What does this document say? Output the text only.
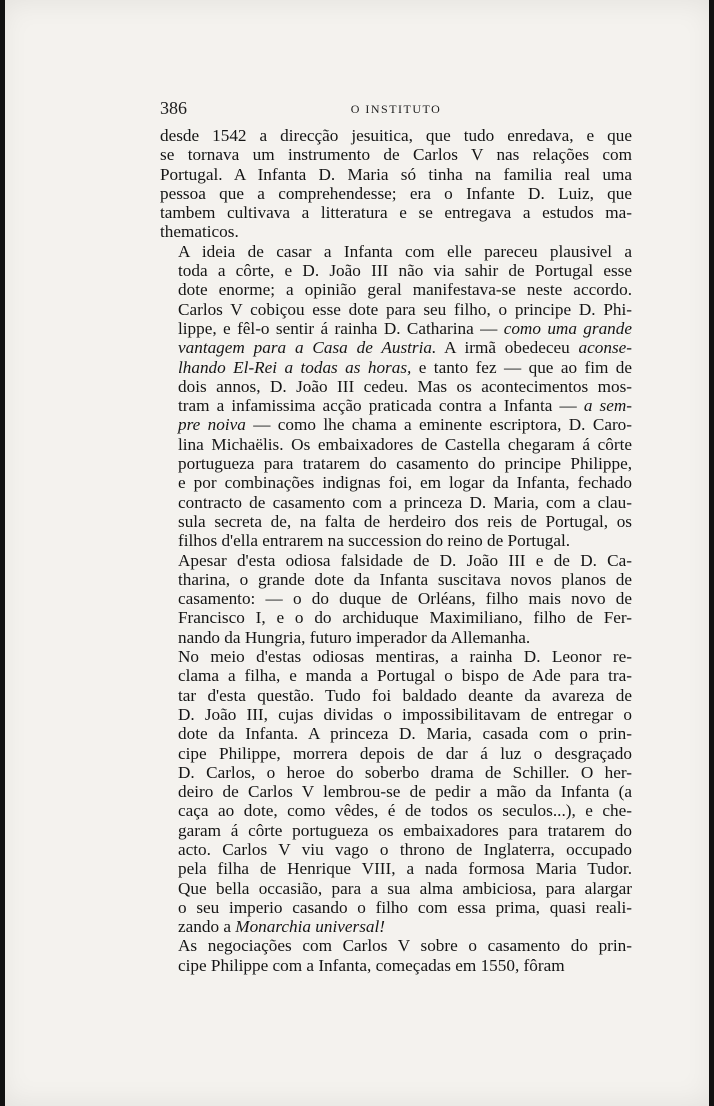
386	O INSTITUTO
desde 1542 a direcção jesuitica, que tudo enredava, e que
se tornava um instrumento de Carlos V nas relações com
Portugal. A Infanta D. Maria só tinha na familia real uma
pessoa que a comprehendesse; era o Infante D. Luiz, que
tambem cultivava a litteratura e se entregava a estudos ma-
thematicos.
A ideia de casar a Infanta com elle pareceu plausivel a
toda a côrte, e D. João III não via sahir de Portugal esse
dote enorme; a opinião geral manifestava-se neste accordo.
Carlos V cobiçou esse dote para seu filho, o principe D. Phi-
lippe, e fêl-o sentir á rainha D. Catharina — como uma grande
vantagem para a Casa de Austria. A irmã obedeceu aconse-
lhando El-Rei a todas as horas, e tanto fez — que ao fim de
dois annos, D. João III cedeu. Mas os acontecimentos mos-
tram a infamissima acção praticada contra a Infanta — a sem-
pre noiva — como lhe chama a eminente escriptora, D. Caro-
lina Michaëlis. Os embaixadores de Castella chegaram á côrte
portugueza para tratarem do casamento do principe Philippe,
e por combinações indignas foi, em logar da Infanta, fechado
contracto de casamento com a princeza D. Maria, com a clau-
sula secreta de, na falta de herdeiro dos reis de Portugal, os
filhos d'ella entrarem na succession do reino de Portugal.
Apesar d'esta odiosa falsidade de D. João III e de D. Ca-
tharina, o grande dote da Infanta suscitava novos planos de
casamento: — o do duque de Orléans, filho mais novo de
Francisco I, e o do archiduque Maximiliano, filho de Fer-
nando da Hungria, futuro imperador da Allemanha.
No meio d'estas odiosas mentiras, a rainha D. Leonor re-
clama a filha, e manda a Portugal o bispo de Ade para tra-
tar d'esta questão. Tudo foi baldado deante da avareza de
D. João III, cujas dividas o impossibilitavam de entregar o
dote da Infanta. A princeza D. Maria, casada com o prin-
cipe Philippe, morrera depois de dar á luz o desgraçado
D. Carlos, o heroe do soberbo drama de Schiller. O her-
deiro de Carlos V lembrou-se de pedir a mão da Infanta (a
caça ao dote, como vêdes, é de todos os seculos...), e che-
garam á côrte portugueza os embaixadores para tratarem do
acto. Carlos V viu vago o throno de Inglaterra, occupado
pela filha de Henrique VIII, a nada formosa Maria Tudor.
Que bella occasião, para a sua alma ambiciosa, para alargar
o seu imperio casando o filho com essa prima, quasi reali-
zando a Monarchia universal!
As negociações com Carlos V sobre o casamento do prin-
cipe Philippe com a Infanta, começadas em 1550, fôram
